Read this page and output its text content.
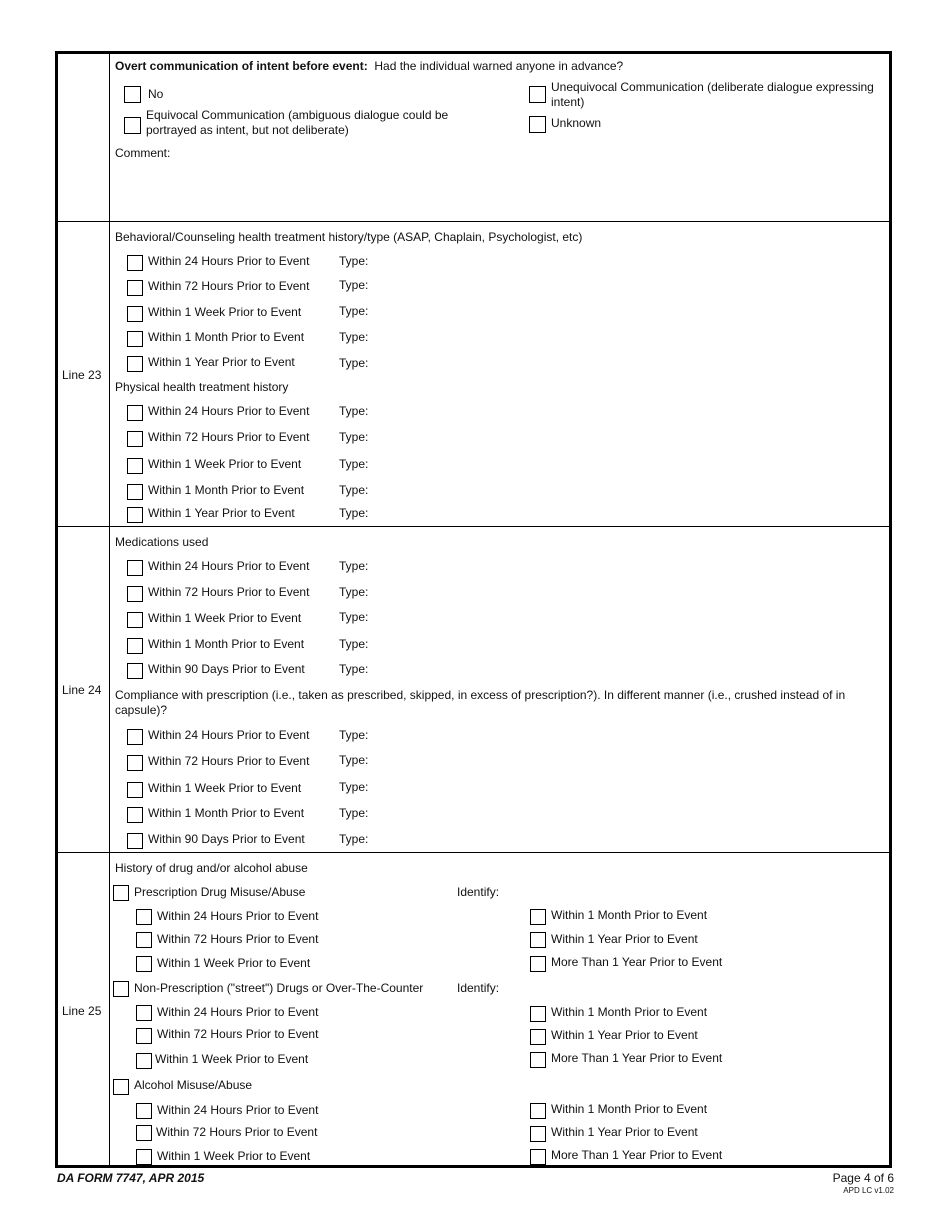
Overt communication of intent before event: Had the individual warned anyone in advance?
No
Equivocal Communication (ambiguous dialogue could be portrayed as intent, but not deliberate)
Unequivocal Communication (deliberate dialogue expressing intent)
Unknown
Comment:
Line 23
Behavioral/Counseling health treatment history/type (ASAP, Chaplain, Psychologist, etc)
Within 24 Hours Prior to Event Type:
Within 72 Hours Prior to Event Type:
Within 1 Week Prior to Event	Type:
Within 1 Month Prior to Event	Type:
Within 1 Year Prior to Event	Type:
Physical health treatment history
Within 24 Hours Prior to Event Type:
Within 72 Hours Prior to Event Type:
Within 1 Week Prior to Event	Type:
Within 1 Month Prior to Event	Type:
Within 1 Year Prior to Event	Type:
Line 24
Medications used
Within 24 Hours Prior to Event Type:
Within 72 Hours Prior to Event Type:
Within 1 Week Prior to Event	Type:
Within 1 Month Prior to Event	Type:
Within 90 Days Prior to Event	Type:
Compliance with prescription (i.e., taken as prescribed, skipped, in excess of prescription?). In different manner (i.e., crushed instead of in capsule)?
Within 24 Hours Prior to Event Type:
Within 72 Hours Prior to Event Type:
Within 1 Week Prior to Event	Type:
Within 1 Month Prior to Event	Type:
Within 90 Days Prior to Event	Type:
Line 25
History of drug and/or alcohol abuse
Prescription Drug Misuse/Abuse	Identify:
Within 24 Hours Prior to Event
Within 72 Hours Prior to Event
Within 1 Week Prior to Event
Within 1 Month Prior to Event
Within 1 Year Prior to Event
More Than 1 Year Prior to Event
Non-Prescription ("street") Drugs or Over-The-Counter	Identify:
Within 24 Hours Prior to Event
Within 72 Hours Prior to Event
Within 1 Week Prior to Event
Within 1 Month Prior to Event
Within 1 Year Prior to Event
More Than 1 Year Prior to Event
Alcohol Misuse/Abuse
Within 24 Hours Prior to Event
Within 72 Hours Prior to Event
Within 1 Week Prior to Event
Within 1 Month Prior to Event
Within 1 Year Prior to Event
More Than 1 Year Prior to Event
DA FORM 7747, APR 2015	Page 4 of 6
APD LC v1.02
